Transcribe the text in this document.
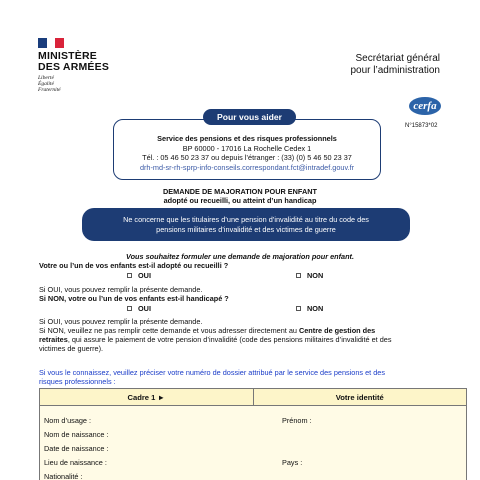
MINISTÈRE
DES ARMÉES
Liberté
Égalité
Fraternité
Secrétariat général
pour l’administration
cerfa
N°15873*02
Service des pensions et des risques professionnels
BP 60000 - 17016 La Rochelle Cedex 1
Tél. : 05 46 50 23 37 ou depuis l’étranger : (33) (0) 5 46 50 23 37
drh-md-sr-rh-sprp-info-conseils.correspondant.fct@intradef.gouv.fr
Pour vous aider
DEMANDE DE MAJORATION POUR ENFANT
adopté ou recueilli, ou atteint d’un handicap
Ne concerne que les titulaires d’une pension d’invalidité au titre du code des
pensions militaires d’invalidité et des victimes de guerre
Vous souhaitez formuler une demande de majoration pour enfant.
Votre ou l’un de vos enfants est-il adopté ou recueilli ?
OUI	NON
Si OUI, vous pouvez remplir la présente demande.
Si NON, votre ou l’un de vos enfants est-il handicapé ?
OUI	NON
Si OUI, vous pouvez remplir la présente demande.
Si NON, veuillez ne pas remplir cette demande et vous adresser directement au Centre de gestion des
retraites, qui assure le paiement de votre pension d’invalidité (code des pensions militaires d’invalidité et des
victimes de guerre).
Si vous le connaissez, veuillez préciser votre numéro de dossier attribué par le service des pensions et des
risques professionnels :
Cadre 1 ►	Votre identité
Nom d’usage :	Prénom :
Nom de naissance :
Date de naissance :
Lieu de naissance :	Pays :
Nationalité :
